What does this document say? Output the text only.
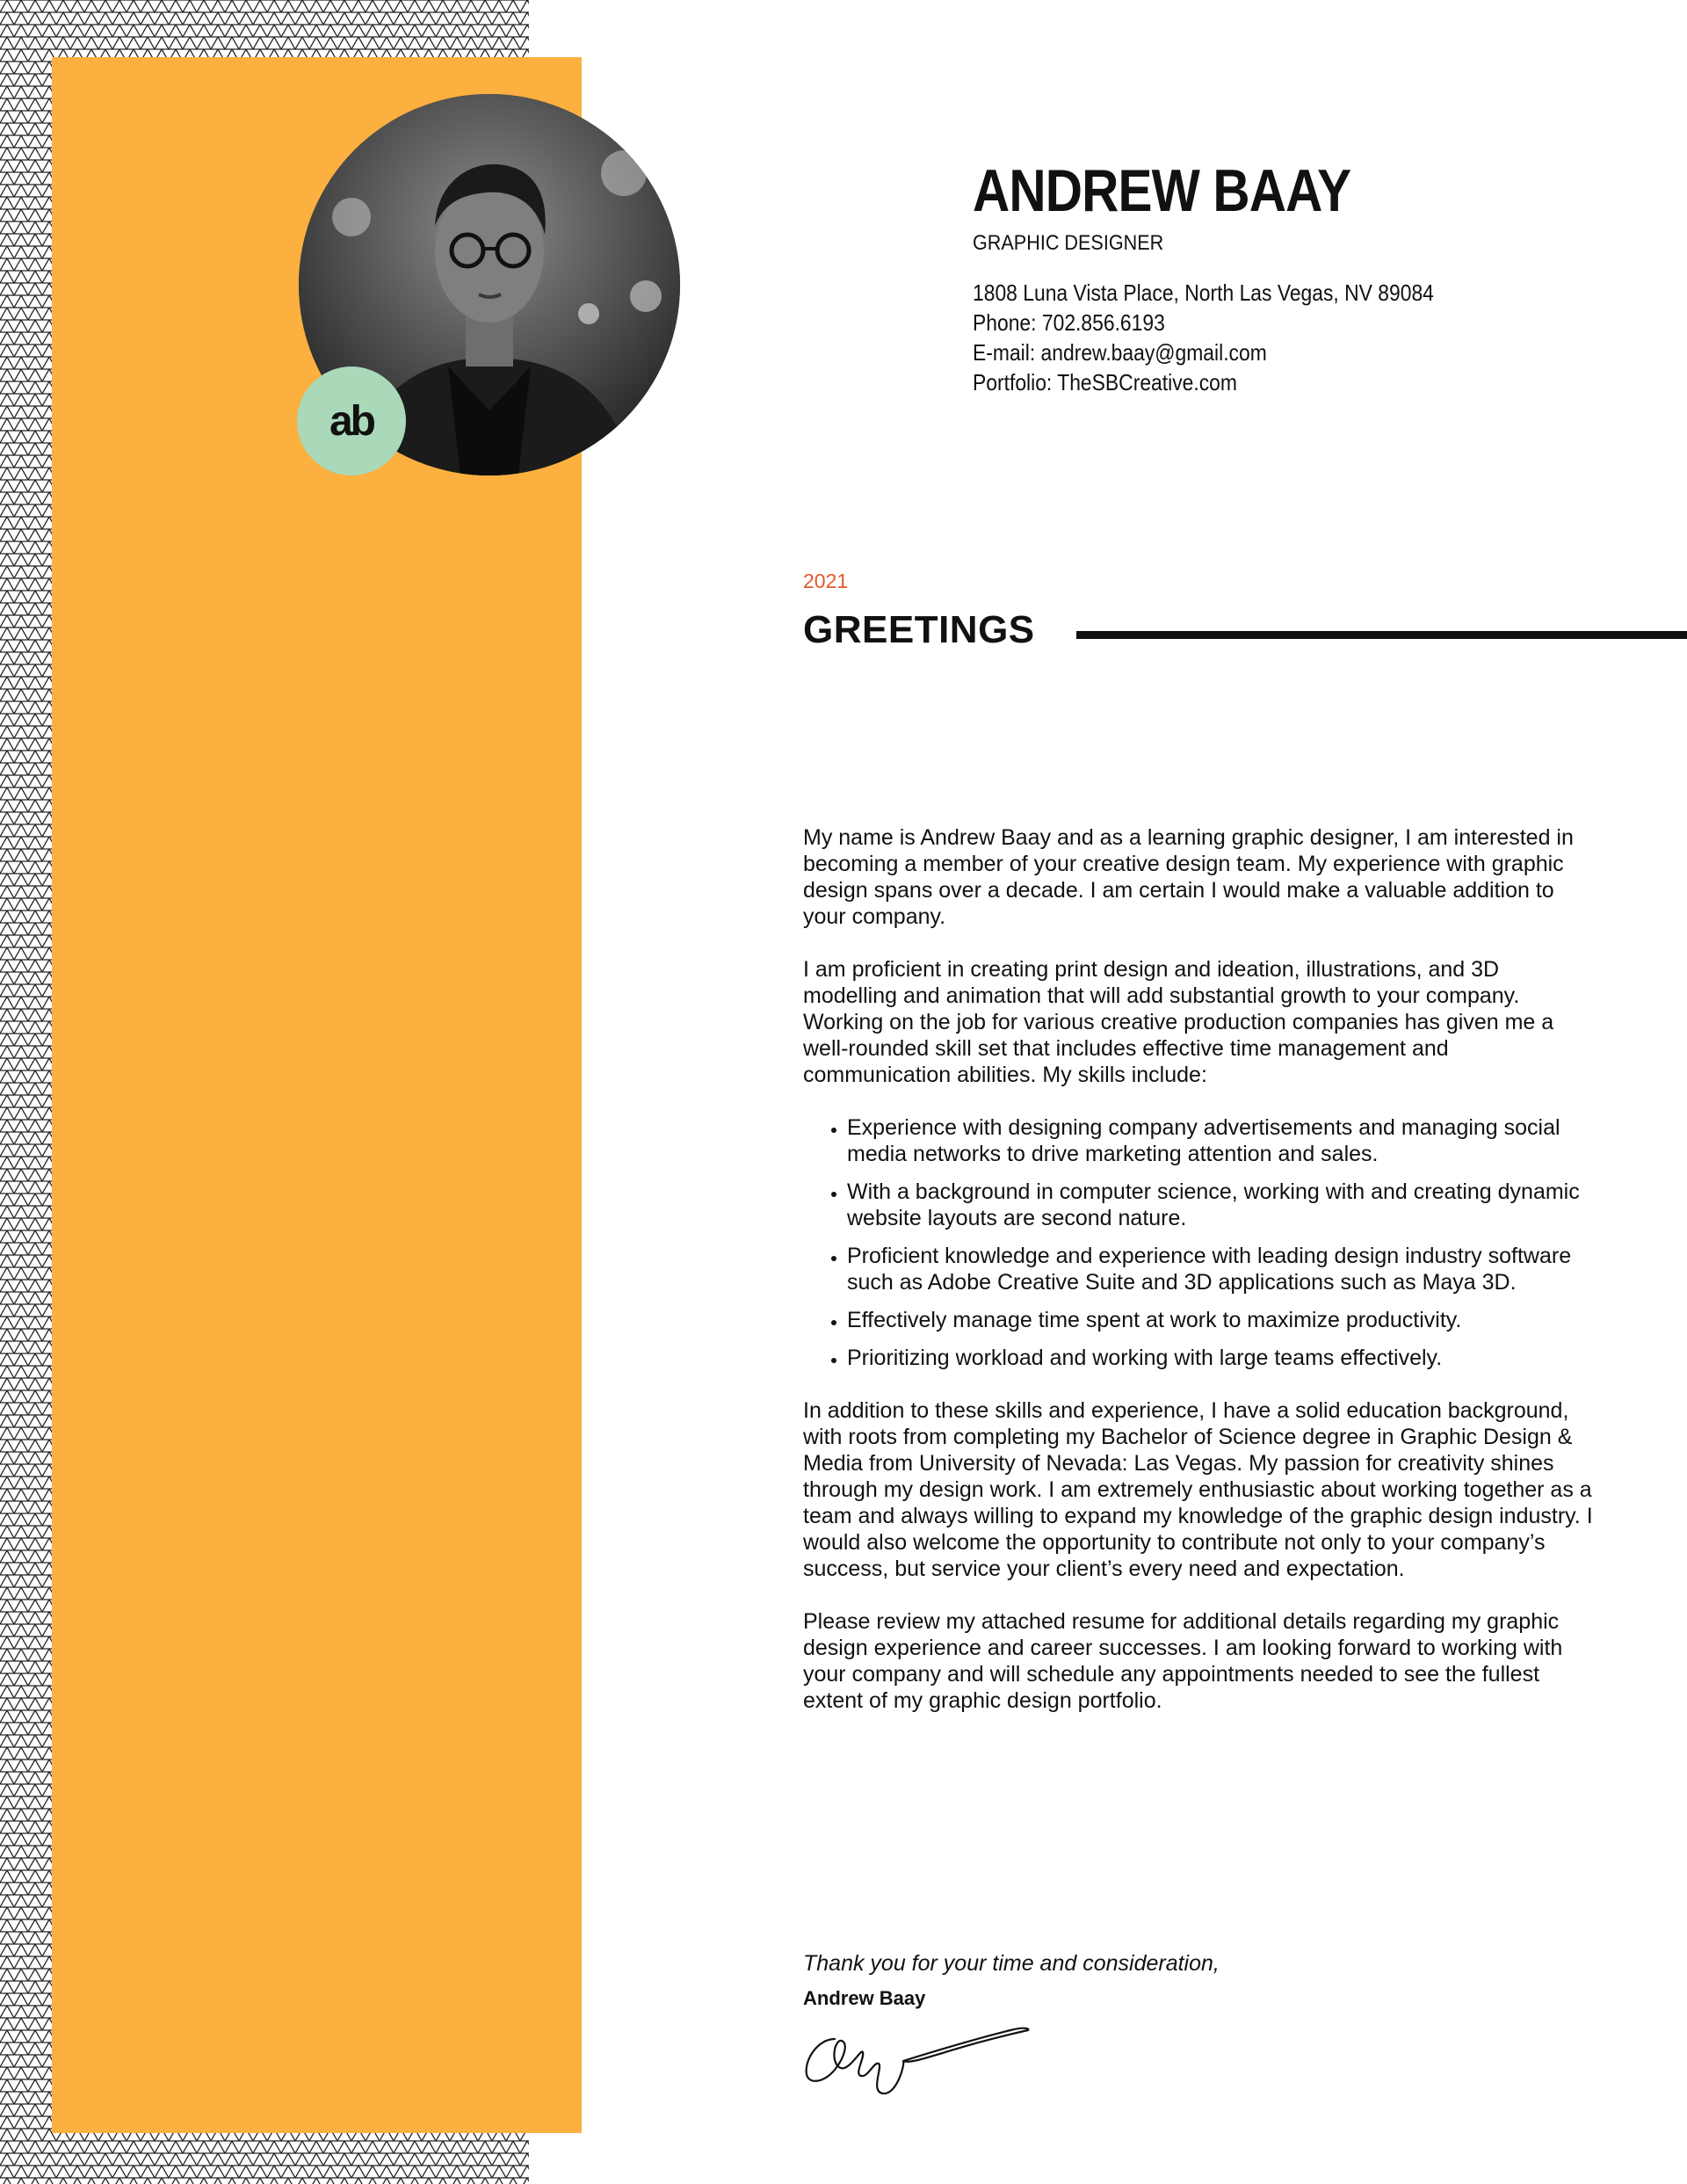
ab
ANDREW BAAY
GRAPHIC DESIGNER
1808 Luna Vista Place, North Las Vegas, NV 89084
Phone: 702.856.6193
E-mail: andrew.baay@gmail.com
Portfolio: TheSBCreative.com
2021
GREETINGS

My name is Andrew Baay and as a learning graphic designer, I am interested in becoming a member of your creative design team. My experience with graphic design spans over a decade. I am certain I would make a valuable addition to your company.

I am proficient in creating print design and ideation, illustrations, and 3D modelling and animation that will add substantial growth to your company. Working on the job for various creative production companies has given me a well-rounded skill set that includes effective time management and communication abilities. My skills include:

• Experience with designing company advertisements and managing social media networks to drive marketing attention and sales.
• With a background in computer science, working with and creating dynamic website layouts are second nature.
• Proficient knowledge and experience with leading design industry software such as Adobe Creative Suite and 3D applications such as Maya 3D.
• Effectively manage time spent at work to maximize productivity.
• Prioritizing workload and working with large teams effectively.

In addition to these skills and experience, I have a solid education background, with roots from completing my Bachelor of Science degree in Graphic Design & Media from University of Nevada: Las Vegas. My passion for creativity shines through my design work. I am extremely enthusiastic about working together as a team and always willing to expand my knowledge of the graphic design industry. I would also welcome the opportunity to contribute not only to your company’s success, but service your client’s every need and expectation.

Please review my attached resume for additional details regarding my graphic design experience and career successes. I am looking forward to working with your company and will schedule any appointments needed to see the fullest extent of my graphic design portfolio.

Thank you for your time and consideration,
Andrew Baay
